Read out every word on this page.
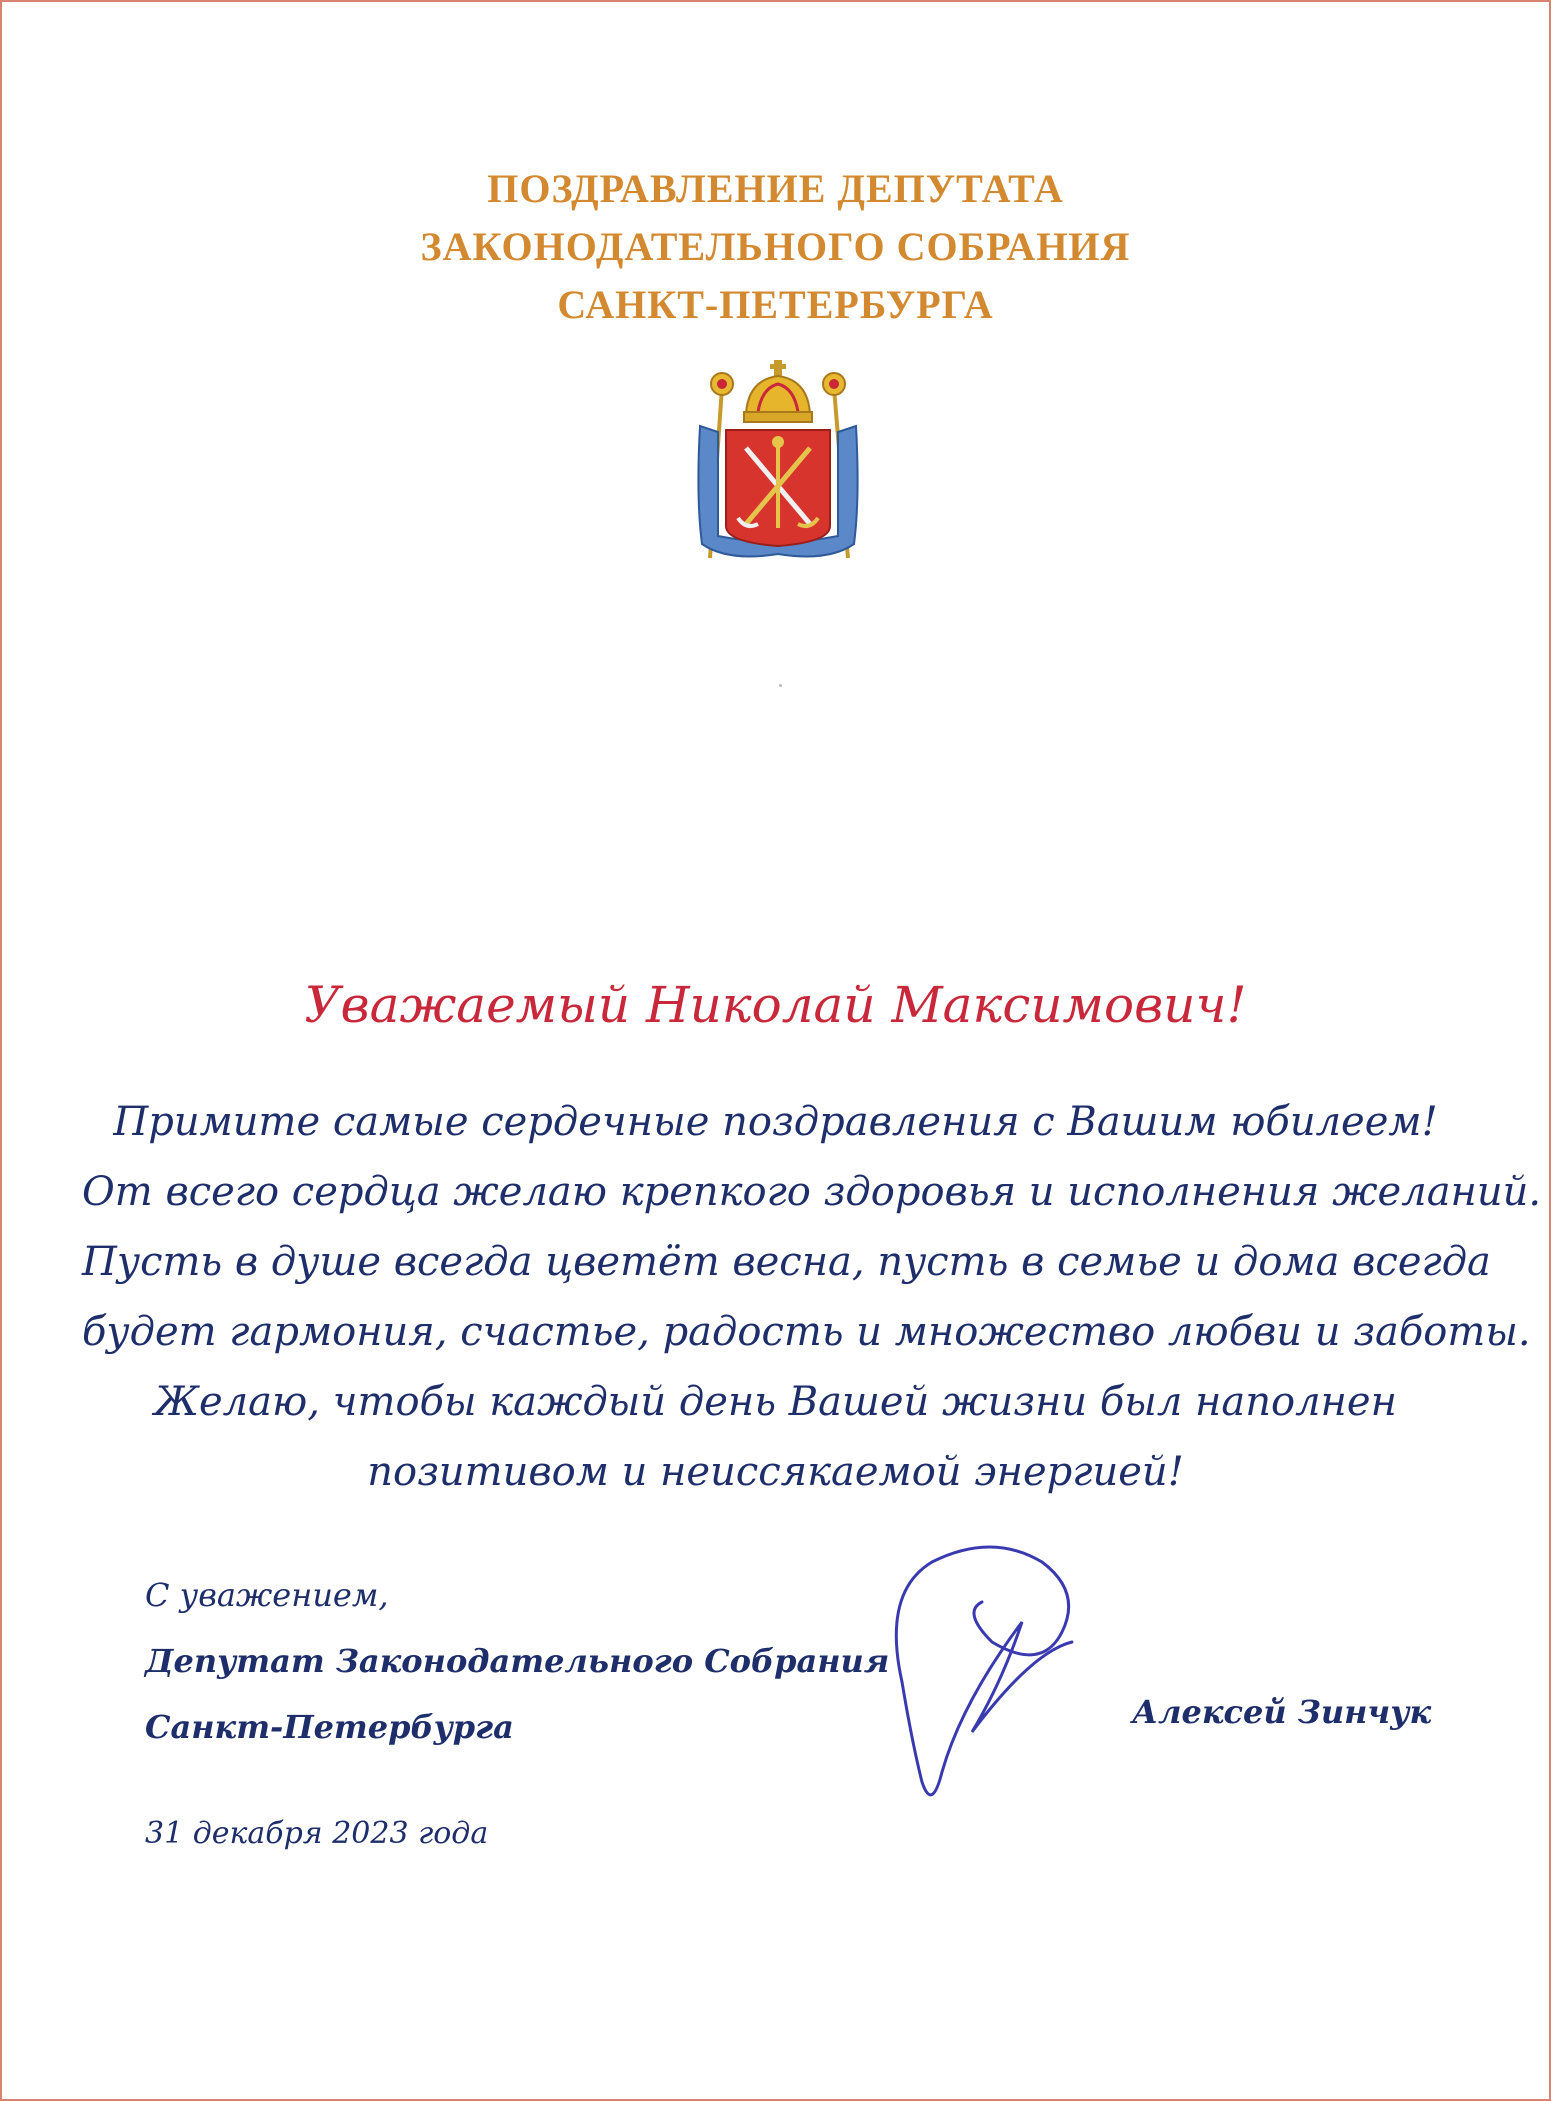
ПОЗДРАВЛЕНИЕ ДЕПУТАТА
ЗАКОНОДАТЕЛЬНОГО СОБРАНИЯ
САНКТ-ПЕТЕРБУРГА
Уважаемый Николай Максимович!
Примите самые сердечные поздравления с Вашим юбилеем!
От всего сердца желаю крепкого здоровья и исполнения желаний.
Пусть в душе всегда цветёт весна, пусть в семье и дома всегда
будет гармония, счастье, радость и множество любви и заботы.
Желаю, чтобы каждый день Вашей жизни был наполнен
позитивом и неиссякаемой энергией!
С уважением,
Депутат Законодательного Собрания
Санкт-Петербурга	Алексей Зинчук
31 декабря 2023 года
